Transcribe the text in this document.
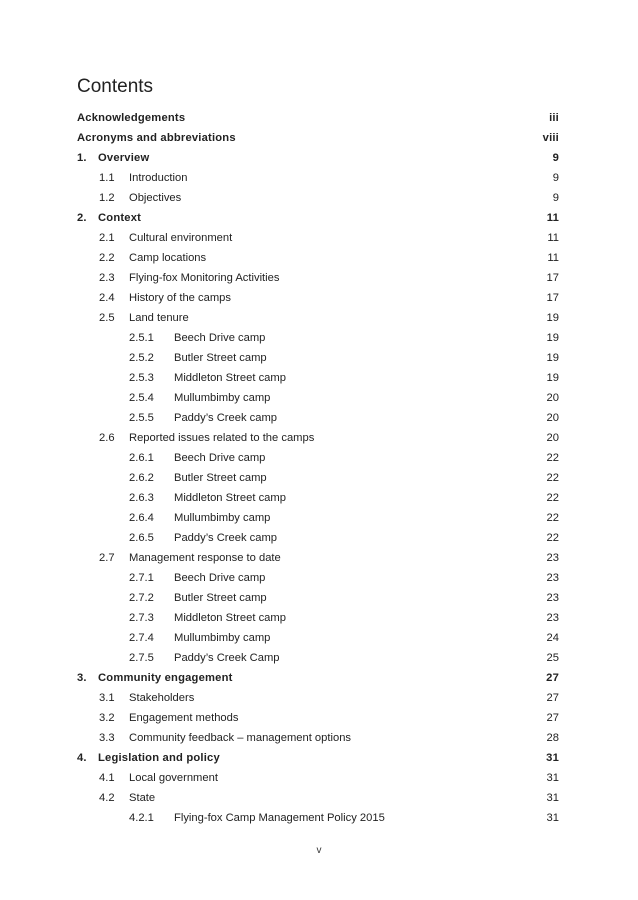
Contents
Acknowledgements	iii
Acronyms and abbreviations	viii
1. Overview	9
1.1 Introduction	9
1.2 Objectives	9
2. Context	11
2.1 Cultural environment	11
2.2 Camp locations	11
2.3 Flying-fox Monitoring Activities	17
2.4 History of the camps	17
2.5 Land tenure	19
2.5.1 Beech Drive camp	19
2.5.2 Butler Street camp	19
2.5.3 Middleton Street camp	19
2.5.4 Mullumbimby camp	20
2.5.5 Paddy’s Creek camp	20
2.6 Reported issues related to the camps	20
2.6.1 Beech Drive camp	22
2.6.2 Butler Street camp	22
2.6.3 Middleton Street camp	22
2.6.4 Mullumbimby camp	22
2.6.5 Paddy’s Creek camp	22
2.7 Management response to date	23
2.7.1 Beech Drive camp	23
2.7.2 Butler Street camp	23
2.7.3 Middleton Street camp	23
2.7.4 Mullumbimby camp	24
2.7.5 Paddy’s Creek Camp	25
3. Community engagement	27
3.1 Stakeholders	27
3.2 Engagement methods	27
3.3 Community feedback – management options	28
4. Legislation and policy	31
4.1 Local government	31
4.2 State	31
4.2.1 Flying-fox Camp Management Policy 2015	31
v
